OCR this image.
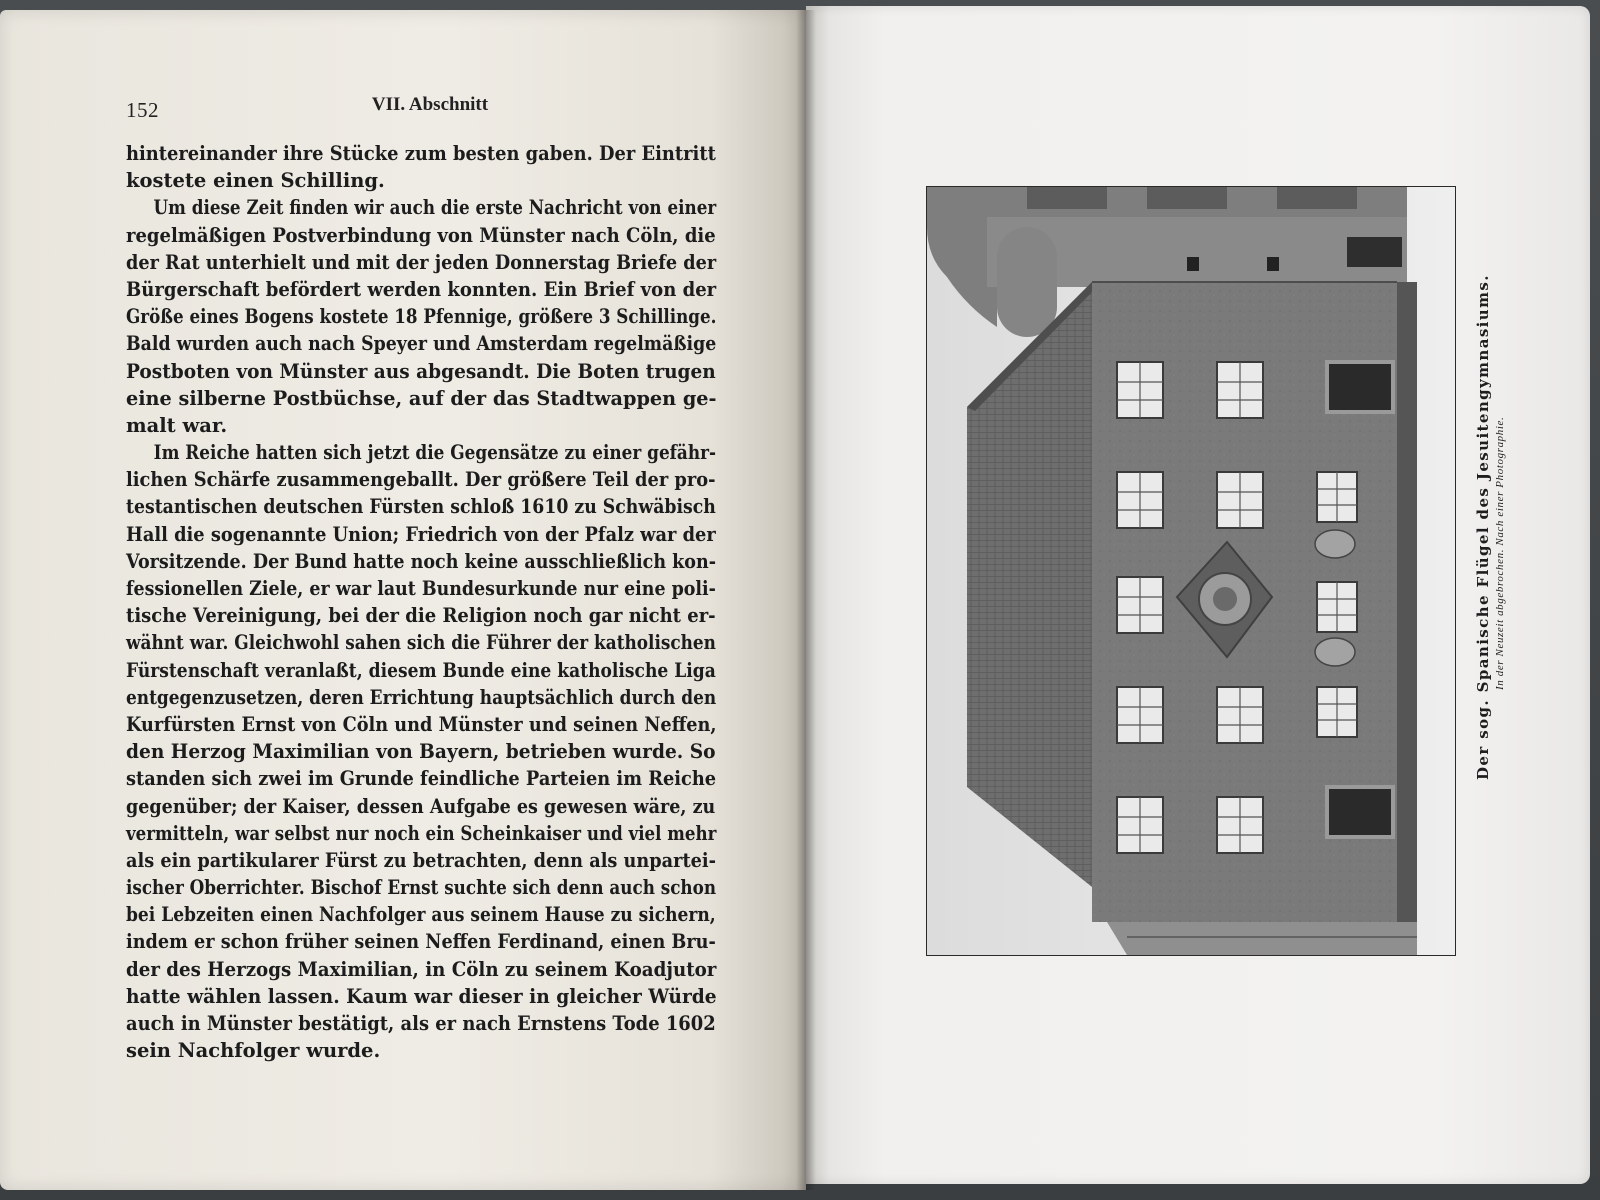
152	VII. Abschnitt
hintereinander ihre Stücke zum besten gaben. Der Eintritt
kostete einen Schilling.
Um diese Zeit finden wir auch die erste Nachricht von einer
regelmäßigen Postverbindung von Münster nach Cöln, die
der Rat unterhielt und mit der jeden Donnerstag Briefe der
Bürgerschaft befördert werden konnten. Ein Brief von der
Größe eines Bogens kostete 18 Pfennige, größere 3 Schillinge.
Bald wurden auch nach Speyer und Amsterdam regelmäßige
Postboten von Münster aus abgesandt. Die Boten trugen
eine silberne Postbüchse, auf der das Stadtwappen ge-
malt war.
Im Reiche hatten sich jetzt die Gegensätze zu einer gefähr-
lichen Schärfe zusammengeballt. Der größere Teil der pro-
testantischen deutschen Fürsten schloß 1610 zu Schwäbisch
Hall die sogenannte Union; Friedrich von der Pfalz war der
Vorsitzende. Der Bund hatte noch keine ausschließlich kon-
fessionellen Ziele, er war laut Bundesurkunde nur eine poli-
tische Vereinigung, bei der die Religion noch gar nicht er-
wähnt war. Gleichwohl sahen sich die Führer der katholischen
Fürstenschaft veranlaßt, diesem Bunde eine katholische Liga
entgegenzusetzen, deren Errichtung hauptsächlich durch den
Kurfürsten Ernst von Cöln und Münster und seinen Neffen,
den Herzog Maximilian von Bayern, betrieben wurde. So
standen sich zwei im Grunde feindliche Parteien im Reiche
gegenüber; der Kaiser, dessen Aufgabe es gewesen wäre, zu
vermitteln, war selbst nur noch ein Scheinkaiser und viel mehr
als ein partikularer Fürst zu betrachten, denn als unpartei-
ischer Oberrichter. Bischof Ernst suchte sich denn auch schon
bei Lebzeiten einen Nachfolger aus seinem Hause zu sichern,
indem er schon früher seinen Neffen Ferdinand, einen Bru-
der des Herzogs Maximilian, in Cöln zu seinem Koadjutor
hatte wählen lassen. Kaum war dieser in gleicher Würde
auch in Münster bestätigt, als er nach Ernstens Tode 1602
sein Nachfolger wurde.
Der sog. Spanische Flügel des Jesuitengymnasiums. In der Neuzeit abgebrochen. Nach einer Photographie.
